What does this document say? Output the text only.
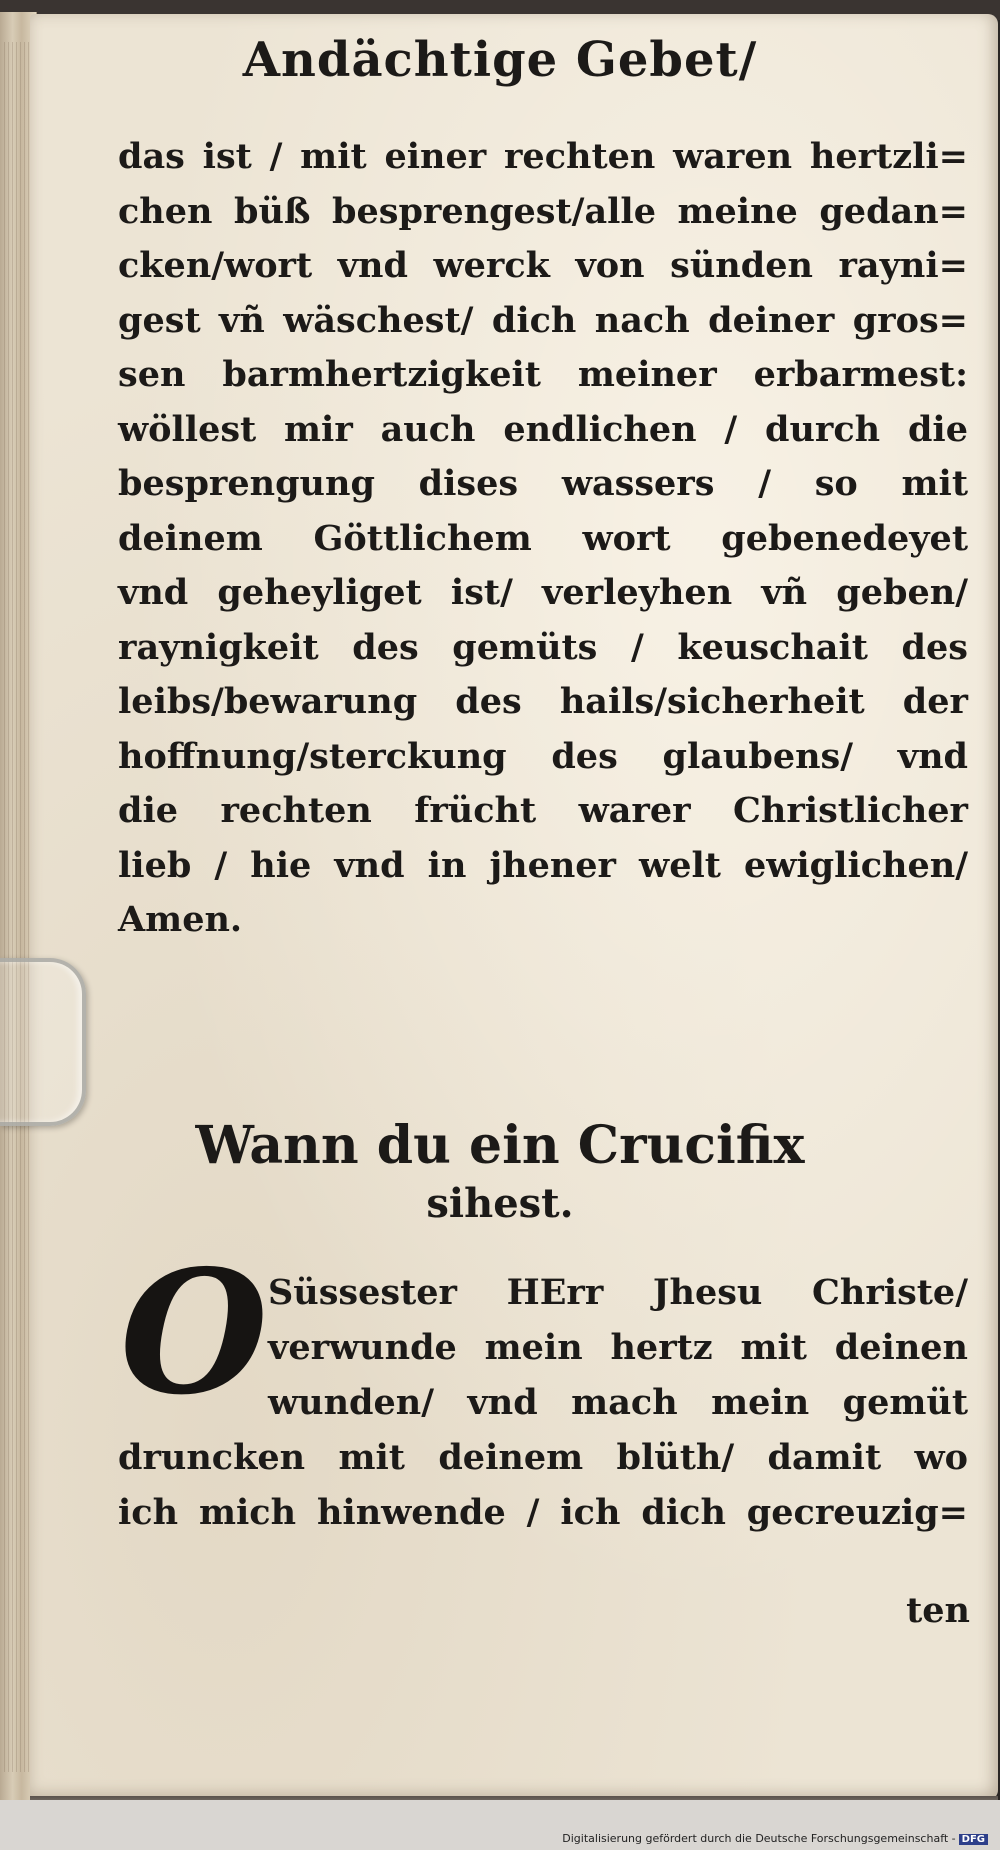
Andächtige Gebet/
das ist / mit einer rechten waren hertzli=
chen büß besprengest/alle meine gedan=
cken/wort vnd werck von sünden rayni=
gest vñ wäschest/ dich nach deiner gros=
sen barmhertzigkeit meiner erbarmest:
wöllest mir auch endlichen / durch die
besprengung dises wassers / so mit
deinem Göttlichem wort gebenedeyet
vnd geheyliget ist/ verleyhen vñ geben/
raynigkeit des gemüts / keuschait des
leibs/bewarung des hails/sicherheit der
hoffnung/sterckung des glaubens/ vnd
die rechten frücht warer Christlicher
lieb / hie vnd in jhener welt ewiglichen/
Amen.
Wann du ein Crucifix
sihest.
O Süssester HErr Jhesu Christe/
verwunde mein hertz mit deinen
wunden/ vnd mach mein gemüt
druncken mit deinem blüth/ damit wo
ich mich hinwende / ich dich gecreuzig=
ten
Digitalisierung gefördert durch die Deutsche Forschungsgemeinschaft - DFG
